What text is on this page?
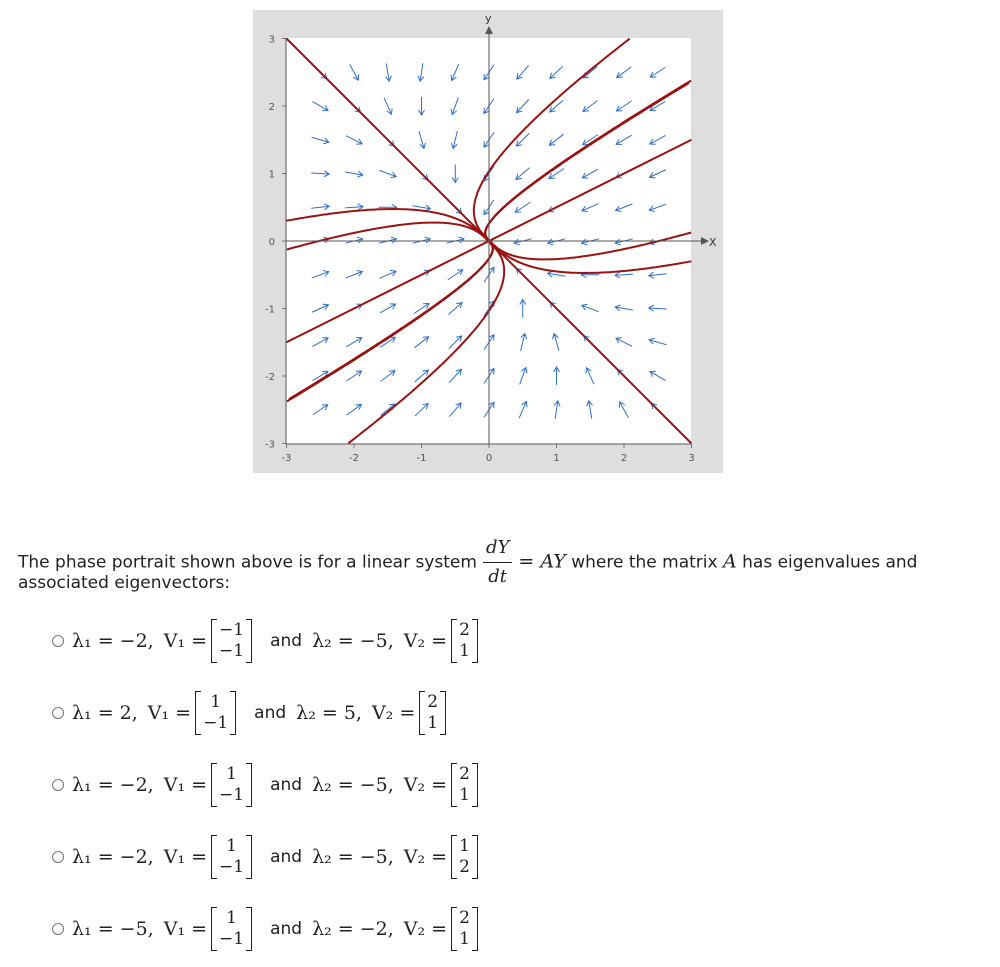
X
y
-3	-2	-1	0	1	2	3
3
2
1
0
-1
-2
-3
The phase portrait shown above is for a linear system $\frac{dY}{dt}$ = AY where the matrix A has eigenvalues and
associated eigenvectors:
λ₁ = −2, V₁ = −1
−1 and λ₂ = −5, V₂ = 2
1
λ₁ = 2, V₁ = 1
−1 and λ₂ = 5, V₂ = 2
1
λ₁ = −2, V₁ = 1
−1 and λ₂ = −5, V₂ = 2
1
λ₁ = −2, V₁ = 1
−1 and λ₂ = −5, V₂ = 1
2
λ₁ = −5, V₁ = 1
−1 and λ₂ = −2, V₂ = 2
1
